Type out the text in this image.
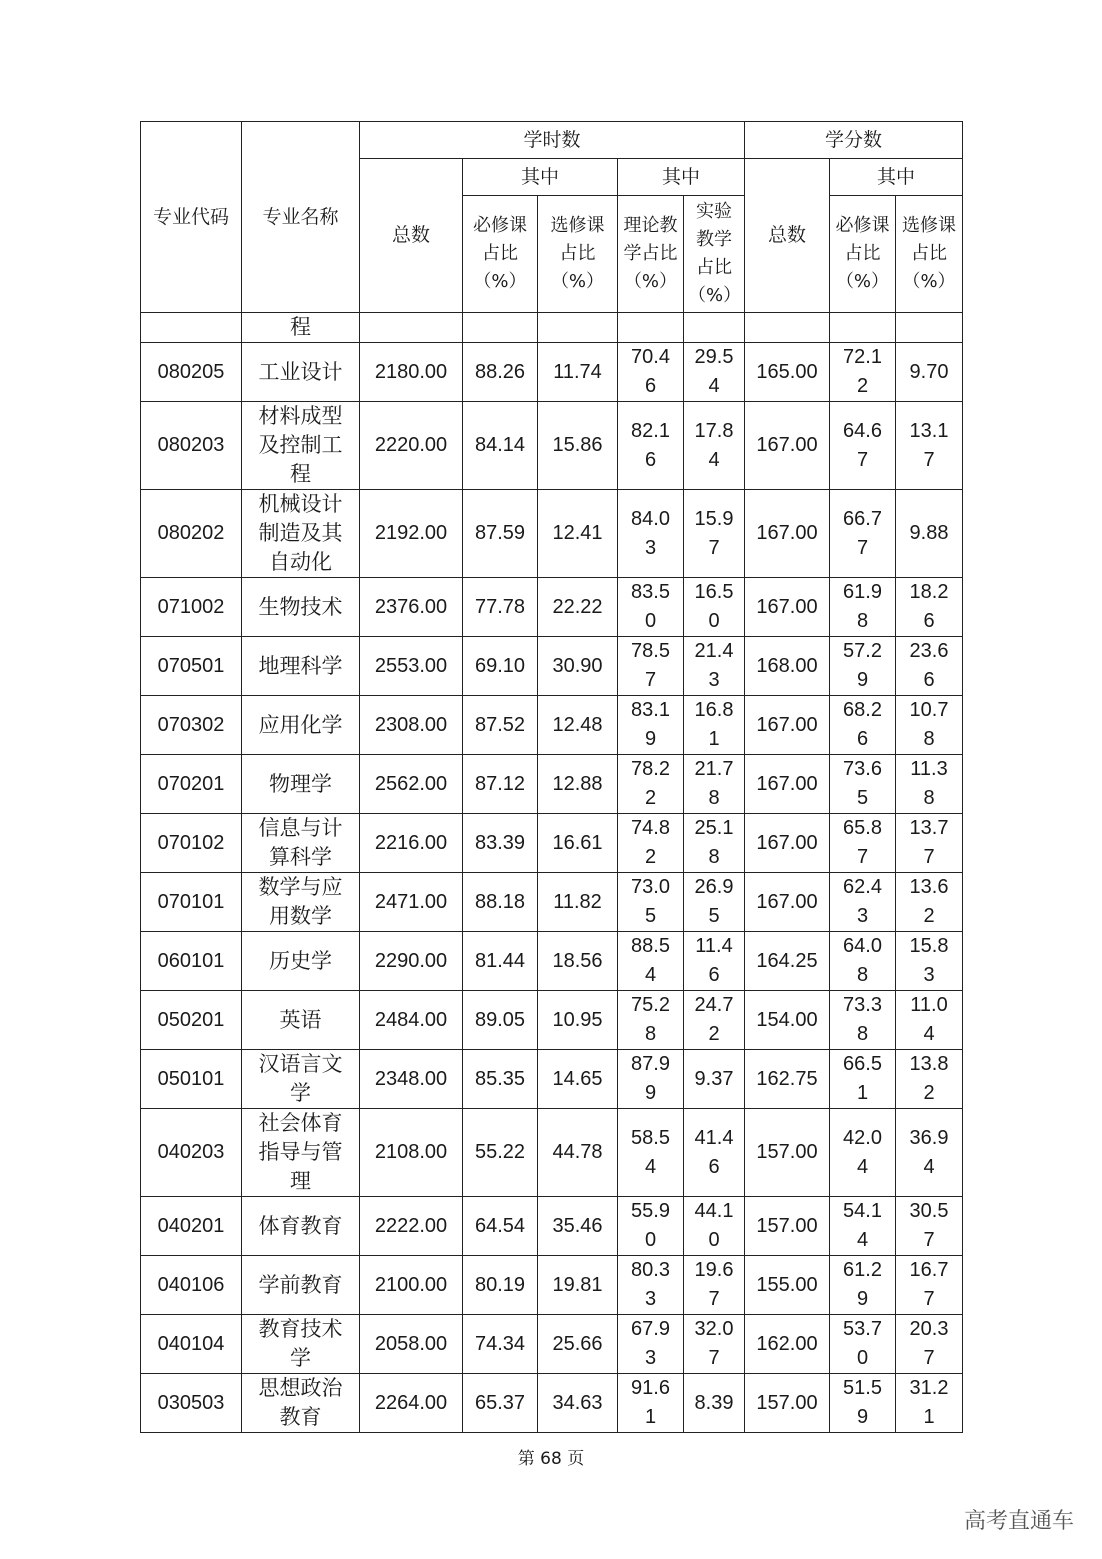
专业代码	专业名称	学时数					学分数		
		总数	其中		其中		总数	其中	
			必修课占比（%）	选修课占比（%）	理论教学占比（%）	实验教学占比（%）		必修课占比（%）	选修课占比（%）
	程								
080205	工业设计	2180.00	88.26	11.74	70.46	29.54	165.00	72.12	9.70
080203	材料成型及控制工程	2220.00	84.14	15.86	82.16	17.84	167.00	64.67	13.17
080202	机械设计制造及其自动化	2192.00	87.59	12.41	84.03	15.97	167.00	66.77	9.88
071002	生物技术	2376.00	77.78	22.22	83.50	16.50	167.00	61.98	18.26
070501	地理科学	2553.00	69.10	30.90	78.57	21.43	168.00	57.29	23.66
070302	应用化学	2308.00	87.52	12.48	83.19	16.81	167.00	68.26	10.78
070201	物理学	2562.00	87.12	12.88	78.22	21.78	167.00	73.65	11.38
070102	信息与计算科学	2216.00	83.39	16.61	74.82	25.18	167.00	65.87	13.77
070101	数学与应用数学	2471.00	88.18	11.82	73.05	26.95	167.00	62.43	13.62
060101	历史学	2290.00	81.44	18.56	88.54	11.46	164.25	64.08	15.83
050201	英语	2484.00	89.05	10.95	75.28	24.72	154.00	73.38	11.04
050101	汉语言文学	2348.00	85.35	14.65	87.99	9.37	162.75	66.51	13.82
040203	社会体育指导与管理	2108.00	55.22	44.78	58.54	41.46	157.00	42.04	36.94
040201	体育教育	2222.00	64.54	35.46	55.90	44.10	157.00	54.14	30.57
040106	学前教育	2100.00	80.19	19.81	80.33	19.67	155.00	61.29	16.77
040104	教育技术学	2058.00	74.34	25.66	67.93	32.07	162.00	53.70	20.37
030503	思想政治教育	2264.00	65.37	34.63	91.61	8.39	157.00	51.59	31.21
第 68 页
高考直通车
